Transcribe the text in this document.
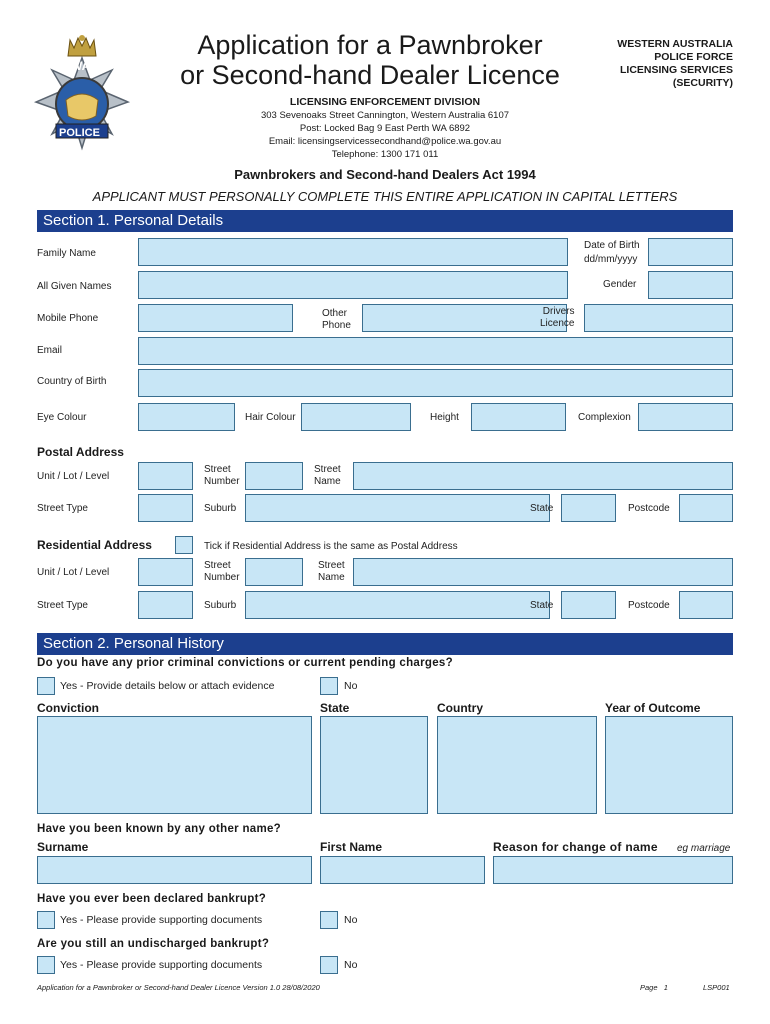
WA
POLICE
Application for a Pawnbroker
or Second-hand Dealer Licence
WESTERN AUSTRALIA
POLICE FORCE
LICENSING SERVICES
(SECURITY)
LICENSING ENFORCEMENT DIVISION
303 Sevenoaks Street Cannington, Western Australia 6107
Post: Locked Bag 9 East Perth WA 6892
Email: licensingservicessecondhand@police.wa.gov.au
Telephone: 1300 171 011
Pawnbrokers and Second-hand Dealers Act 1994
APPLICANT MUST PERSONALLY COMPLETE THIS ENTIRE APPLICATION IN CAPITAL LETTERS
Section 1. Personal Details
Family Name
Date of Birth
dd/mm/yyyy
All Given Names	Gender
Mobile Phone	Other
Phone
Drivers
Licence
Email
Country of Birth
Eye Colour	Hair Colour	Height	Complexion
Postal Address
Unit / Lot / Level
Street
Number
Street
Name
Street Type	Suburb	State	Postcode
Residential Address	Tick if Residential Address is the same as Postal Address
Unit / Lot / Level
Street
Number
Street
Name
Street Type	Suburb	State	Postcode
Section 2. Personal History
Do you have any prior criminal convictions or current pending charges?
Yes - Provide details below or attach evidence	No
Conviction	State	Country	Year of Outcome
Have you been known by any other name?
Surname	First Name	Reason for change of name eg marriage
Have you ever been declared bankrupt?
Yes - Please provide supporting documents	No
Are you still an undischarged bankrupt?
Yes - Please provide supporting documents	No
Application for a Pawnbroker or Second-hand Dealer Licence Version 1.0 28/08/2020	Page   1	LSP001
